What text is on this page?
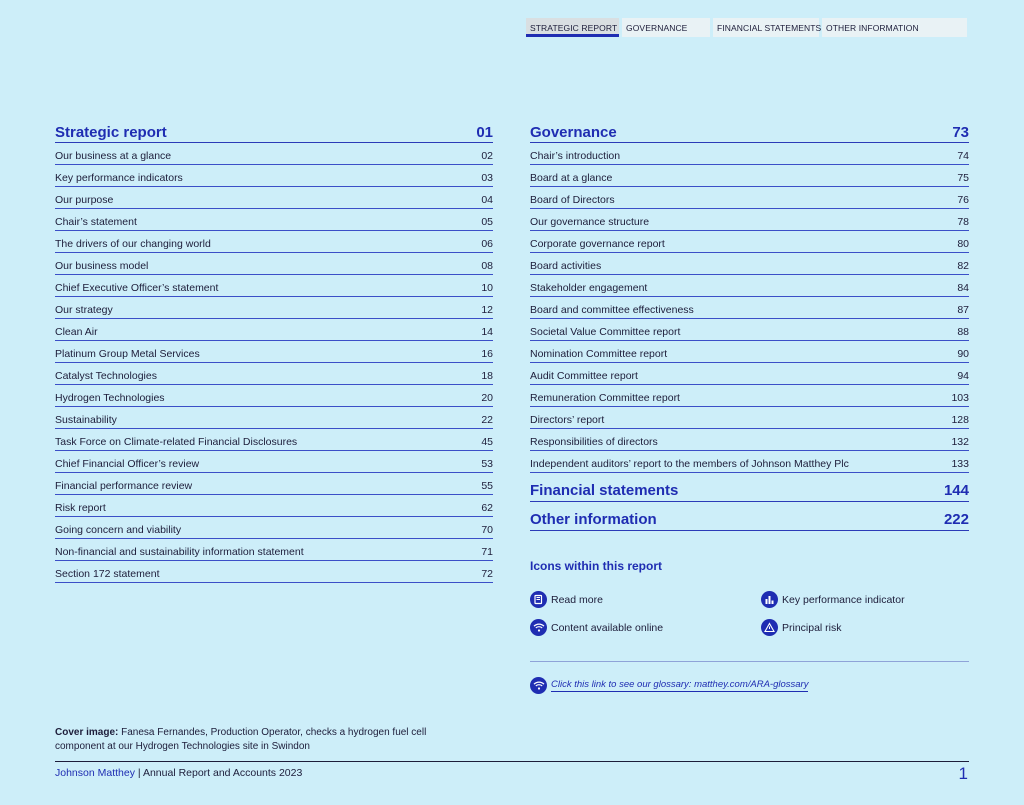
STRATEGIC REPORT	GOVERNANCE	FINANCIAL STATEMENTS OTHER INFORMATION
Strategic report	01
Our business at a glance	02
Key performance indicators	03
Our purpose	04
Chair’s statement	05
The drivers of our changing world	06
Our business model	08
Chief Executive Officer’s statement	10
Our strategy	12
Clean Air	14
Platinum Group Metal Services	16
Catalyst Technologies	18
Hydrogen Technologies	20
Sustainability	22
Task Force on Climate-related Financial Disclosures	45
Chief Financial Officer’s review	53
Financial performance review	55
Risk report	62
Going concern and viability	70
Non-financial and sustainability information statement	71
Section 172 statement	72
Governance	73
Chair’s introduction	74
Board at a glance	75
Board of Directors	76
Our governance structure	78
Corporate governance report	80
Board activities	82
Stakeholder engagement	84
Board and committee effectiveness	87
Societal Value Committee report	88
Nomination Committee report	90
Audit Committee report	94
Remuneration Committee report	103
Directors’ report	128
Responsibilities of directors	132
Independent auditors’ report to the members of Johnson Matthey Plc	133
Financial statements	144
Other information	222
Icons within this report
Read more	Key performance indicator
Content available online	Principal risk
Click this link to see our glossary: matthey.com/ARA-glossary
Cover image: Fanesa Fernandes, Production Operator, checks a hydrogen fuel cell component at our Hydrogen Technologies site in Swindon
Johnson Matthey | Annual Report and Accounts 2023	1
